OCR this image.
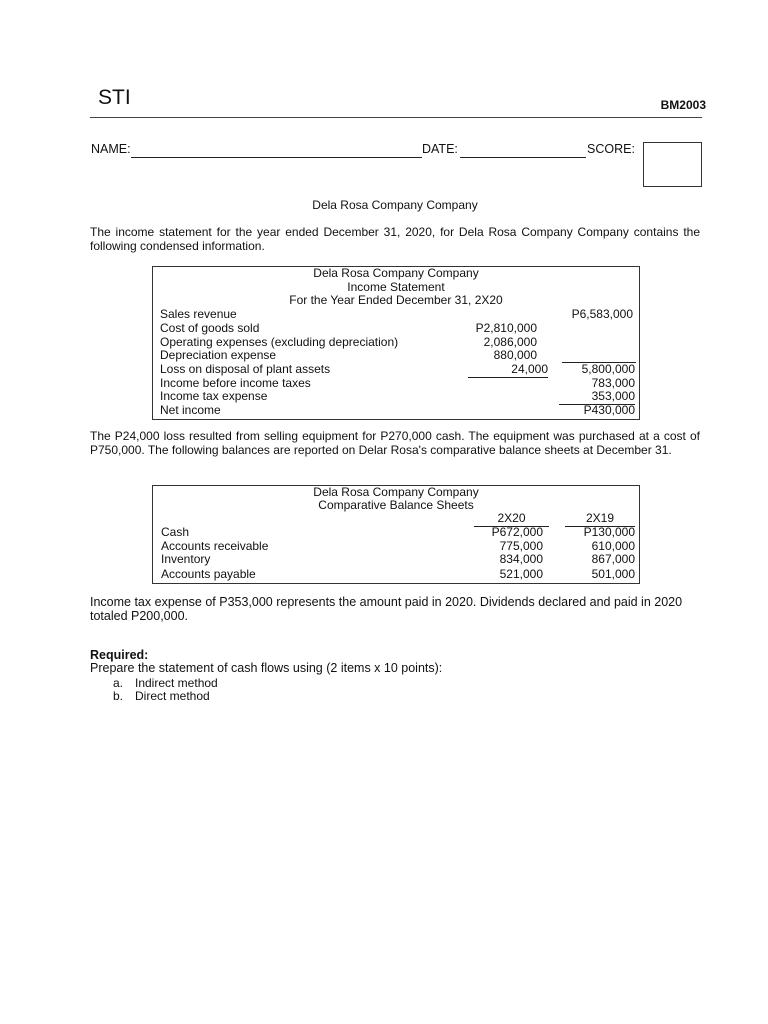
STI	BM2003
NAME:	DATE:	SCORE:
Dela Rosa Company Company
The income statement for the year ended December 31, 2020, for Dela Rosa Company Company contains the following condensed information.
Dela Rosa Company Company
Income Statement
For the Year Ended December 31, 2X20
Sales revenue	P6,583,000
Cost of goods sold	P2,810,000
Operating expenses (excluding depreciation)	2,086,000
Depreciation expense	880,000
Loss on disposal of plant assets	24,000	5,800,000
Income before income taxes	783,000
Income tax expense	353,000
Net income	P430,000
The P24,000 loss resulted from selling equipment for P270,000 cash. The equipment was purchased at a cost of P750,000. The following balances are reported on Delar Rosa's comparative balance sheets at December 31.
Dela Rosa Company Company
Comparative Balance Sheets
2X20	2X19
Cash	P672,000	P130,000
Accounts receivable	775,000	610,000
Inventory	834,000	867,000
Accounts payable	521,000	501,000
Income tax expense of P353,000 represents the amount paid in 2020. Dividends declared and paid in 2020 totaled P200,000.
Required:
Prepare the statement of cash flows using (2 items x 10 points):
a. Indirect method
b. Direct method
